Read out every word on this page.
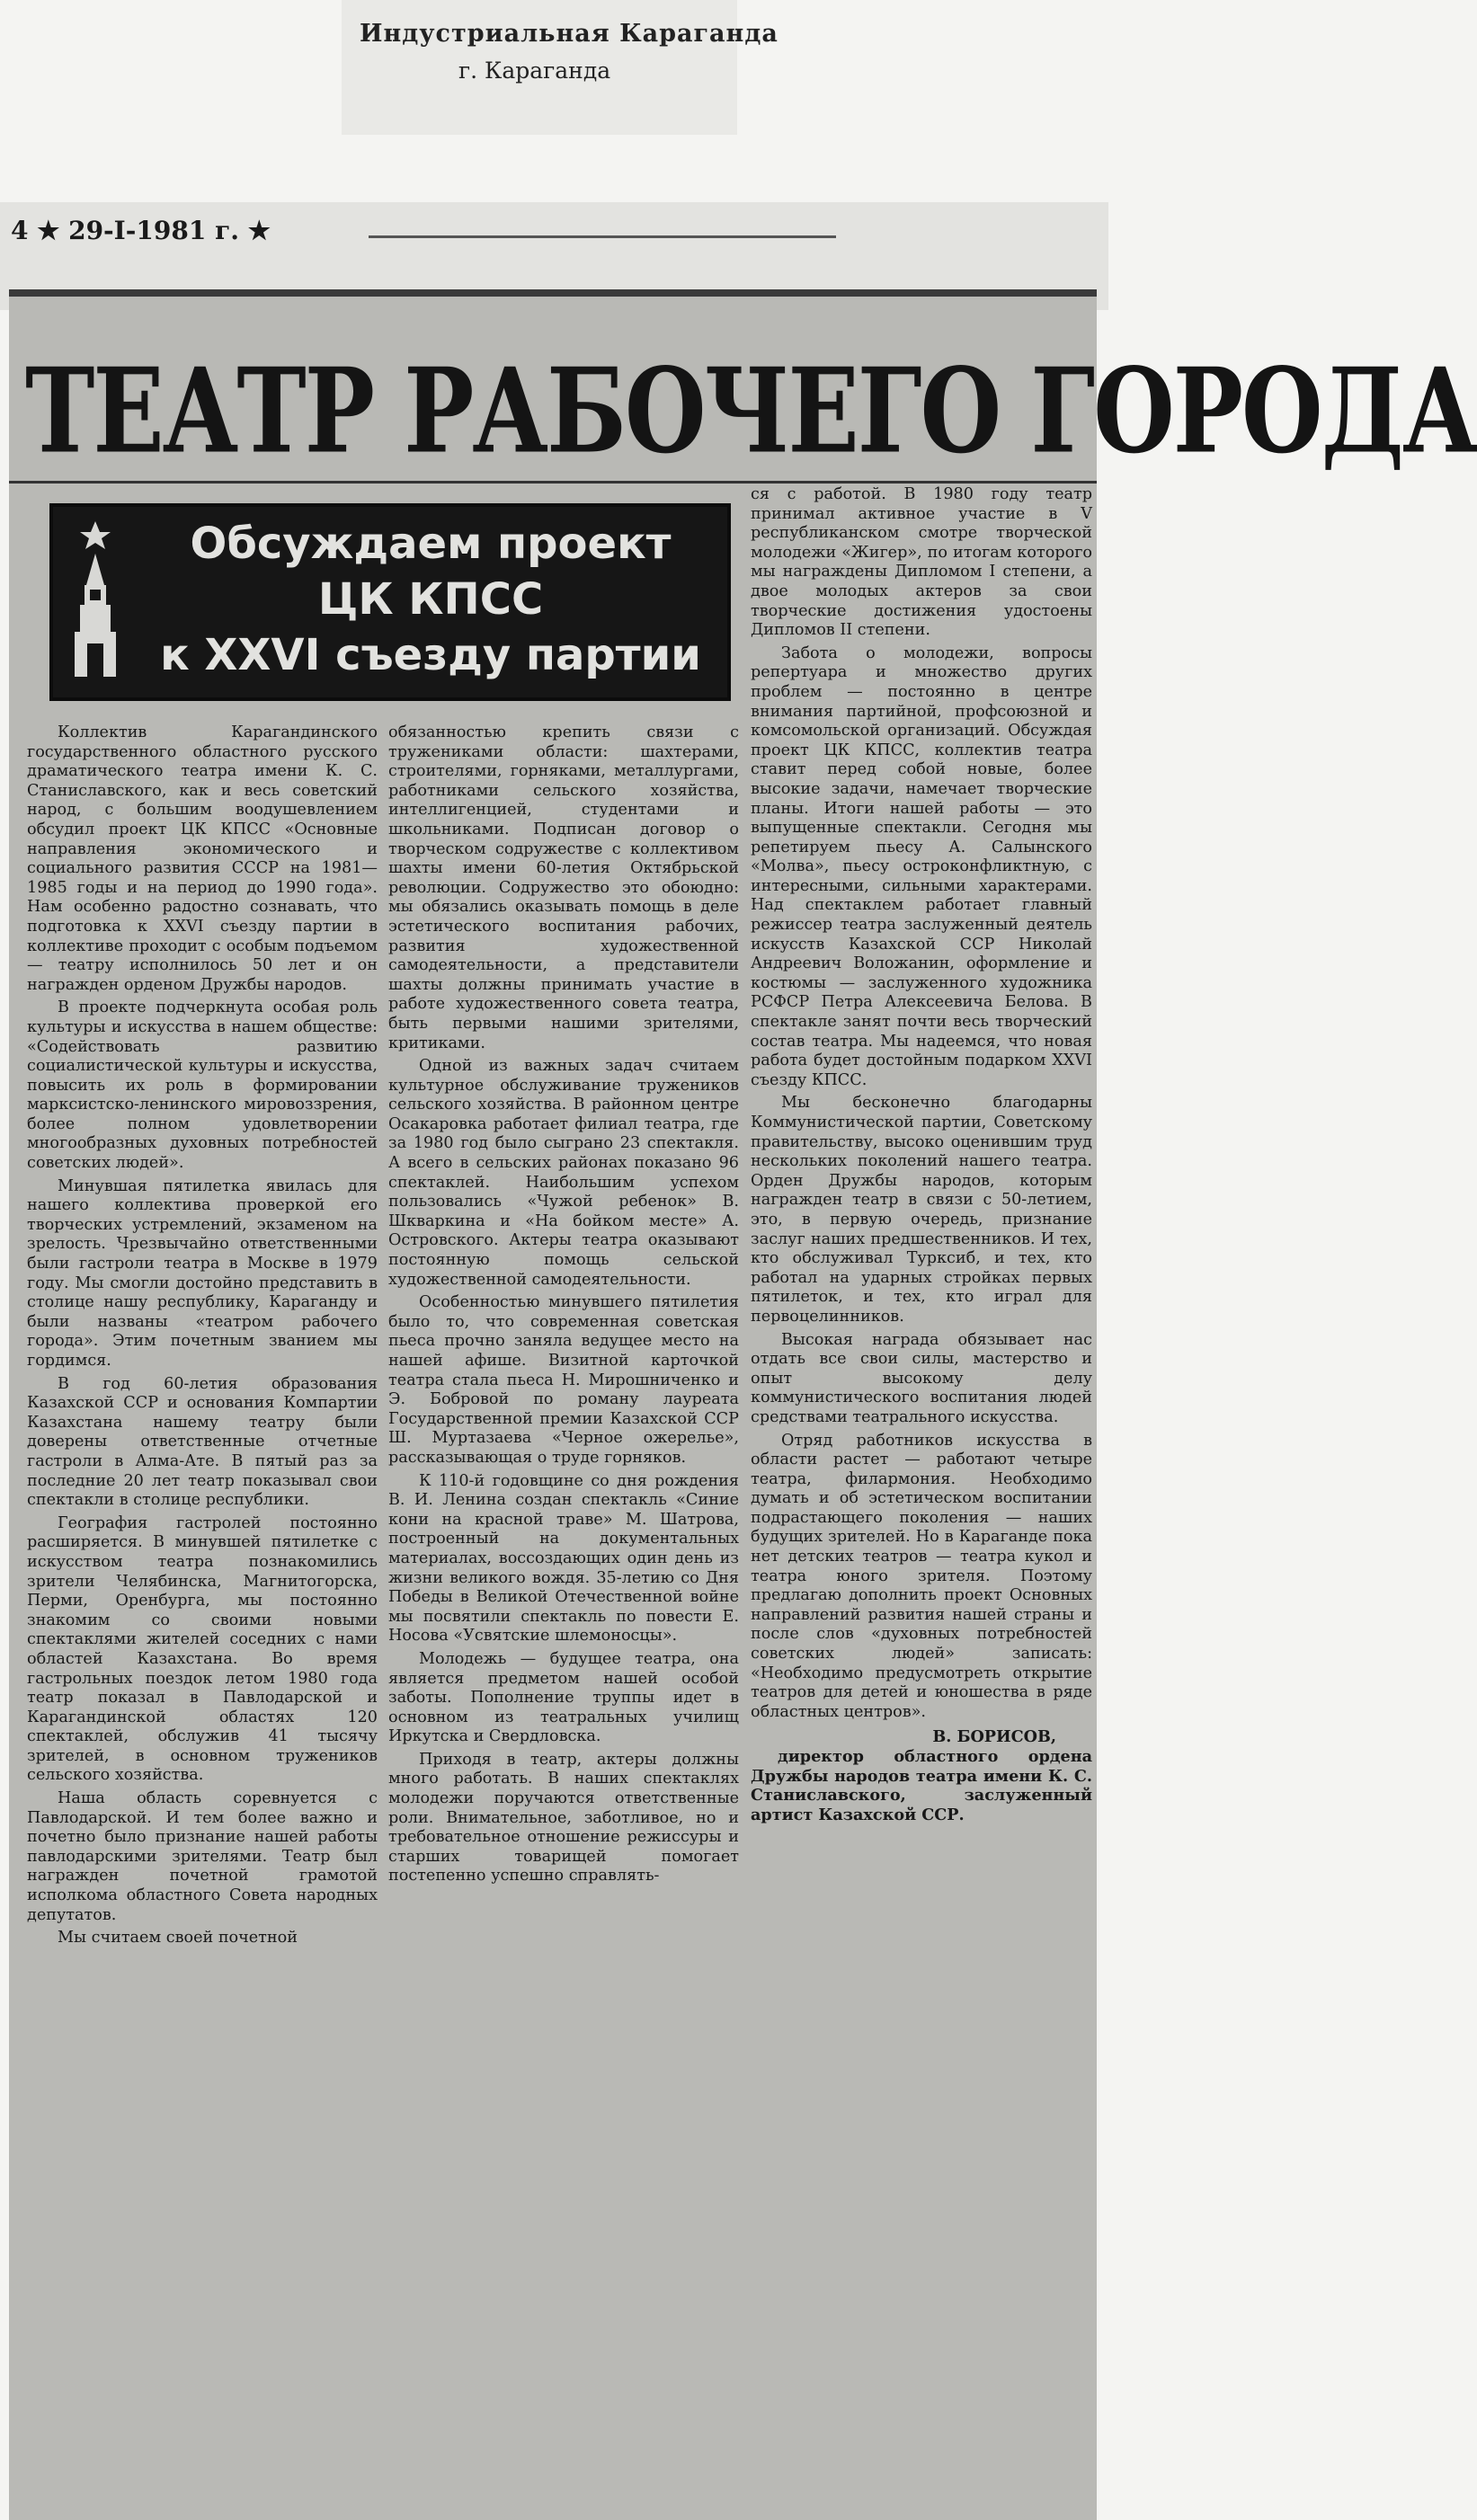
Индустриальная Караганда
г. Караганда
4 ★ 29-I-1981 г. ★
ТЕАТР РАБОЧЕГО ГОРОДА
Обсуждаем проект
ЦК КПСС
к XXVI съезду партии

Коллектив Карагандинского государственного областного русского драматического театра имени К. С. Станиславского, как и весь советский народ, с большим воодушевлением обсудил проект ЦК КПСС «Основные направления экономического и социального развития СССР на 1981—1985 годы и на период до 1990 года». Нам особенно радостно сознавать, что подготовка к XXVI съезду партии в коллективе проходит с особым подъемом — театру исполнилось 50 лет и он награжден орденом Дружбы народов.

В проекте подчеркнута особая роль культуры и искусства в нашем обществе: «Содействовать развитию социалистической культуры и искусства, повысить их роль в формировании марксистско-ленинского мировоззрения, более полном удовлетворении многообразных духовных потребностей советских людей».

Минувшая пятилетка явилась для нашего коллектива проверкой его творческих устремлений, экзаменом на зрелость. Чрезвычайно ответственными были гастроли театра в Москве в 1979 году. Мы смогли достойно представить в столице нашу республику, Караганду и были названы «театром рабочего города». Этим почетным званием мы гордимся.

В год 60-летия образования Казахской ССР и основания Компартии Казахстана нашему театру были доверены ответственные отчетные гастроли в Алма-Ате. В пятый раз за последние 20 лет театр показывал свои спектакли в столице республики.

География гастролей постоянно расширяется. В минувшей пятилетке с искусством театра познакомились зрители Челябинска, Магнитогорска, Перми, Оренбурга, мы постоянно знакомим со своими новыми спектаклями жителей соседних с нами областей Казахстана. Во время гастрольных поездок летом 1980 года театр показал в Павлодарской и Карагандинской областях 120 спектаклей, обслужив 41 тысячу зрителей, в основном тружеников сельского хозяйства.

Наша область соревнуется с Павлодарской. И тем более важно и почетно было признание нашей работы павлодарскими зрителями. Театр был награжден почетной грамотой исполкома областного Совета народных депутатов.

Мы считаем своей почетной

обязанностью крепить связи с тружениками области: шахтерами, строителями, горняками, металлургами, работниками сельского хозяйства, интеллигенцией, студентами и школьниками. Подписан договор о творческом содружестве с коллективом шахты имени 60-летия Октябрьской революции. Содружество это обоюдно: мы обязались оказывать помощь в деле эстетического воспитания рабочих, развития художественной самодеятельности, а представители шахты должны принимать участие в работе художественного совета театра, быть первыми нашими зрителями, критиками.

Одной из важных задач считаем культурное обслуживание тружеников сельского хозяйства. В районном центре Осакаровка работает филиал театра, где за 1980 год было сыграно 23 спектакля. А всего в сельских районах показано 96 спектаклей. Наибольшим успехом пользовались «Чужой ребенок» В. Шкваркина и «На бойком месте» А. Островского. Актеры театра оказывают постоянную помощь сельской художественной самодеятельности.

Особенностью минувшего пятилетия было то, что современная советская пьеса прочно заняла ведущее место на нашей афише. Визитной карточкой театра стала пьеса Н. Мирошниченко и Э. Бобровой по роману лауреата Государственной премии Казахской ССР Ш. Муртазаева «Черное ожерелье», рассказывающая о труде горняков.

К 110-й годовщине со дня рождения В. И. Ленина создан спектакль «Синие кони на красной траве» М. Шатрова, построенный на документальных материалах, воссоздающих один день из жизни великого вождя. 35-летию со Дня Победы в Великой Отечественной войне мы посвятили спектакль по повести Е. Носова «Усвятские шлемоносцы».

Молодежь — будущее театра, она является предметом нашей особой заботы. Пополнение труппы идет в основном из театральных училищ Иркутска и Свердловска.

Приходя в театр, актеры должны много работать. В наших спектаклях молодежи поручаются ответственные роли. Внимательное, заботливое, но и требовательное отношение режиссуры и старших товарищей помогает постепенно успешно справлять-

ся с работой. В 1980 году театр принимал активное участие в V республиканском смотре творческой молодежи «Жигер», по итогам которого мы награждены Дипломом I степени, а двое молодых актеров за свои творческие достижения удостоены Дипломов II степени.

Забота о молодежи, вопросы репертуара и множество других проблем — постоянно в центре внимания партийной, профсоюзной и комсомольской организаций. Обсуждая проект ЦК КПСС, коллектив театра ставит перед собой новые, более высокие задачи, намечает творческие планы. Итоги нашей работы — это выпущенные спектакли. Сегодня мы репетируем пьесу А. Салынского «Молва», пьесу остроконфликтную, с интересными, сильными характерами. Над спектаклем работает главный режиссер театра заслуженный деятель искусств Казахской ССР Николай Андреевич Воложанин, оформление и костюмы — заслуженного художника РСФСР Петра Алексеевича Белова. В спектакле занят почти весь творческий состав театра. Мы надеемся, что новая работа будет достойным подарком XXVI съезду КПСС.

Мы бесконечно благодарны Коммунистической партии, Советскому правительству, высоко оценившим труд нескольких поколений нашего театра. Орден Дружбы народов, которым награжден театр в связи с 50-летием, это, в первую очередь, признание заслуг наших предшественников. И тех, кто обслуживал Турксиб, и тех, кто работал на ударных стройках первых пятилеток, и тех, кто играл для первоцелинников.

Высокая награда обязывает нас отдать все свои силы, мастерство и опыт высокому делу коммунистического воспитания людей средствами театрального искусства.

Отряд работников искусства в области растет — работают четыре театра, филармония. Необходимо думать и об эстетическом воспитании подрастающего поколения — наших будущих зрителей. Но в Караганде пока нет детских театров — театра кукол и театра юного зрителя. Поэтому предлагаю дополнить проект Основных направлений развития нашей страны и после слов «духовных потребностей советских людей» записать: «Необходимо предусмотреть открытие театров для детей и юношества в ряде областных центров».

В. БОРИСОВ,
директор областного ордена Дружбы народов театра имени К. С. Станиславского, заслуженный артист Казахской ССР.
